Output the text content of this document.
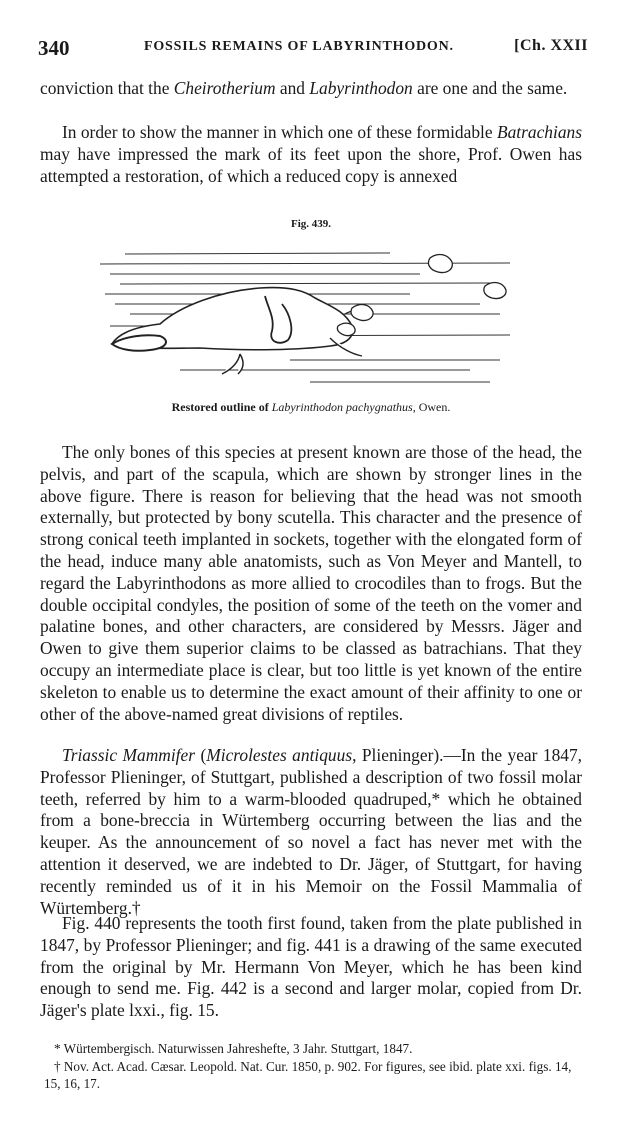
340	FOSSILS REMAINS OF LABYRINTHODON.	[Ch. XXII

conviction that the Cheirotherium and Labyrinthodon are one and the same.

In order to show the manner in which one of these formidable Batrachians may have impressed the mark of its feet upon the shore, Prof. Owen has attempted a restoration, of which a reduced copy is annexed

Fig. 439.
Restored outline of Labyrinthodon pachygnathus, Owen.

The only bones of this species at present known are those of the head, the pelvis, and part of the scapula, which are shown by stronger lines in the above figure. There is reason for believing that the head was not smooth externally, but protected by bony scutella. This character and the presence of strong conical teeth implanted in sockets, together with the elongated form of the head, induce many able anatomists, such as Von Meyer and Mantell, to regard the Labyrinthodons as more allied to crocodiles than to frogs. But the double occipital condyles, the position of some of the teeth on the vomer and palatine bones, and other characters, are considered by Messrs. Jäger and Owen to give them superior claims to be classed as batrachians. That they occupy an intermediate place is clear, but too little is yet known of the entire skeleton to enable us to determine the exact amount of their affinity to one or other of the above-named great divisions of reptiles.

Triassic Mammifer (Microlestes antiquus, Plieninger).—In the year 1847, Professor Plieninger, of Stuttgart, published a description of two fossil molar teeth, referred by him to a warm-blooded quadruped,* which he obtained from a bone-breccia in Würtemberg occurring between the lias and the keuper. As the announcement of so novel a fact has never met with the attention it deserved, we are indebted to Dr. Jäger, of Stuttgart, for having recently reminded us of it in his Memoir on the Fossil Mammalia of Würtemberg.†

Fig. 440 represents the tooth first found, taken from the plate published in 1847, by Professor Plieninger; and fig. 441 is a drawing of the same executed from the original by Mr. Hermann Von Meyer, which he has been kind enough to send me. Fig. 442 is a second and larger molar, copied from Dr. Jäger's plate lxxi., fig. 15.

* Würtembergisch. Naturwissen Jahreshefte, 3 Jahr. Stuttgart, 1847.

† Nov. Act. Acad. Cæsar. Leopold. Nat. Cur. 1850, p. 902. For figures, see ibid. plate xxi. figs. 14, 15, 16, 17.
